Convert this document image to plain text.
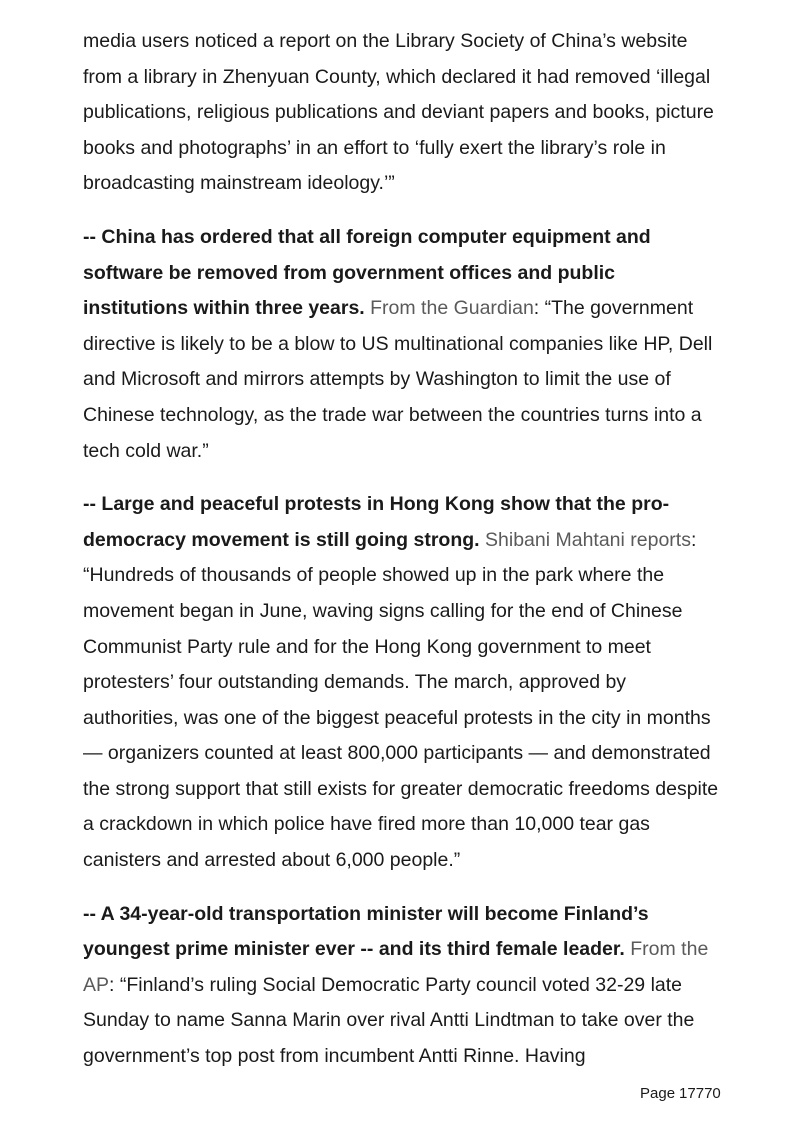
media users noticed a report on the Library Society of China’s website from a library in Zhenyuan County, which declared it had removed ‘illegal publications, religious publications and deviant papers and books, picture books and photographs’ in an effort to ‘fully exert the library’s role in broadcasting mainstream ideology.’”

-- China has ordered that all foreign computer equipment and software be removed from government offices and public institutions within three years. From the Guardian: “The government directive is likely to be a blow to US multinational companies like HP, Dell and Microsoft and mirrors attempts by Washington to limit the use of Chinese technology, as the trade war between the countries turns into a tech cold war.”

-- Large and peaceful protests in Hong Kong show that the pro-democracy movement is still going strong. Shibani Mahtani reports: “Hundreds of thousands of people showed up in the park where the movement began in June, waving signs calling for the end of Chinese Communist Party rule and for the Hong Kong government to meet protesters’ four outstanding demands. The march, approved by authorities, was one of the biggest peaceful protests in the city in months — organizers counted at least 800,000 participants — and demonstrated the strong support that still exists for greater democratic freedoms despite a crackdown in which police have fired more than 10,000 tear gas canisters and arrested about 6,000 people.”

-- A 34-year-old transportation minister will become Finland’s youngest prime minister ever -- and its third female leader. From the AP: “Finland’s ruling Social Democratic Party council voted 32-29 late Sunday to name Sanna Marin over rival Antti Lindtman to take over the government’s top post from incumbent Antti Rinne. Having

Page 17770
